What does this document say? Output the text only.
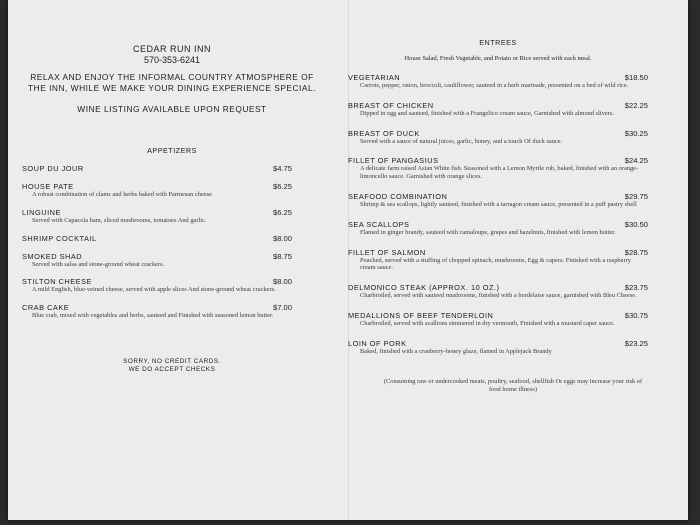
CEDAR RUN INN
570-353-6241
RELAX AND ENJOY THE INFORMAL COUNTRY ATMOSPHERE OF THE INN, WHILE WE MAKE YOUR DINING EXPERIENCE SPECIAL.
WINE LISTING AVAILABLE UPON REQUEST
APPETIZERS
SOUP DU JOUR	$4.75
HOUSE PATE	$6.25
A robust combination of clams and herbs baked with Parmesan cheese
LINGUINE	$6.25
Served with Capacola ham, sliced mushrooms, tomatoes And garlic.
SHRIMP COCKTAIL	$8.00
SMOKED SHAD	$8.75
Served with salsa and stone-ground wheat crackers.
STILTON CHEESE	$8.00
A mild English, blue-veined cheese, served with apple slices And stone-ground wheat crackers.
CRAB CAKE	$7.00
Blue crab, mixed with vegetables and herbs, sauteed and Finished with seasoned lemon butter.
SORRY, NO CREDIT CARDS.
WE DO ACCEPT CHECKS
ENTREES
House Salad, Fresh Vegetable, and Potato or Rice served with each meal.
VEGETARIAN	$18.50
Carrots, pepper, onion, broccoli, cauliflower, sauteed in a herb marinade, presented on a bed of wild rice.
BREAST OF CHICKEN	$22.25
Dipped in egg and sauteed, finished with a Frangelico cream sauce, Garnished with almond slivers.
BREAST OF DUCK	$30.25
Served with a sauce of natural juices, garlic, honey, and a touch Of duck sauce.
FILLET OF PANGASIUS	$24.25
A delicate farm raised Asian White fish. Seasoned with a Lemon Myrtle rub, baked, finished with an orange-limoncello sauce. Garnished with orange slices.
SEAFOOD COMBINATION	$29.75
Shrimp & sea scallops, lightly sauteed, finished with a tarragon cream sauce, presented in a puff pastry shell
SEA SCALLOPS	$30.50
Flamed in ginger brandy, sauteed with cantaloupe, grapes and hazelnuts, finished with lemon butter.
FILLET OF SALMON	$28.75
Poached, served with a stuffing of chopped spinach, mushrooms, Egg & capers. Finished with a raspberry cream sauce.
DELMONICO STEAK (APPROX. 10 OZ.)	$23.75
Charbroiled, served with sauteed mushrooms, finished with a bordelaise sauce, garnished with Bleu Cheese.
MEDALLIONS OF BEEF TENDERLOIN	$30.75
Charbroiled, served with scallions simmered in dry vermouth, Finished with a mustard caper sauce.
LOIN OF PORK	$23.25
Baked, finished with a cranberry-honey glaze, flamed in Applejack Brandy
(Consuming raw or undercooked meats, poultry, seafood, shellfish Or eggs may increase your risk of food borne illness)
